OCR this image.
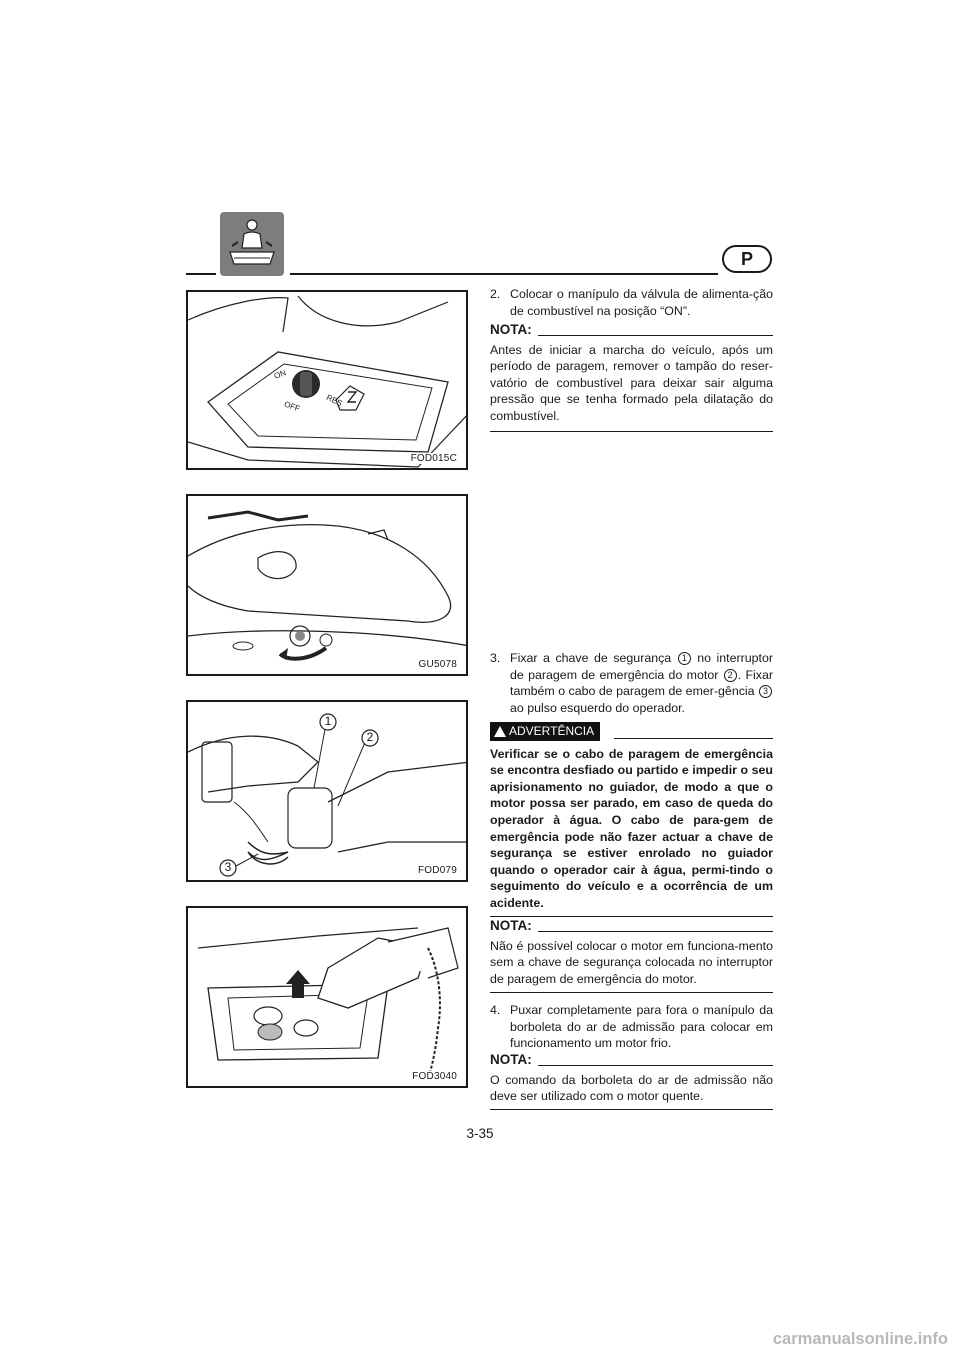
P
ON
OFF	RES
FOD015C
GU5078
1
2
3	FOD079
FOD3040
2. Colocar o manípulo da válvula de alimenta-ção de combustível na posição “ON”.
NOTA:
Antes de iniciar a marcha do veículo, após um período de paragem, remover o tampão do reser-vatório de combustível para deixar sair alguma pressão que se tenha formado pela dilatação do combustível.
3. Fixar a chave de segurança 1 no interruptor de paragem de emergência do motor 2 . Fixar também o cabo de paragem de emer-gência 3 ao pulso esquerdo do operador.
ADVERTÊNCIA
Verificar se o cabo de paragem de emergência se encontra desfiado ou partido e impedir o seu aprisionamento no guiador, de modo a que o motor possa ser parado, em caso de queda do operador à água. O cabo de para-gem de emergência pode não fazer actuar a chave de segurança se estiver enrolado no guiador quando o operador cair à água, permi-tindo o seguimento do veículo e a ocorrência de um acidente.
NOTA:
Não é possível colocar o motor em funciona-mento sem a chave de segurança colocada no interruptor de paragem de emergência do motor.
4. Puxar completamente para fora o manípulo da borboleta do ar de admissão para colocar em funcionamento um motor frio.
NOTA:
O comando da borboleta do ar de admissão não deve ser utilizado com o motor quente.
3-35
carmanualsonline.info
